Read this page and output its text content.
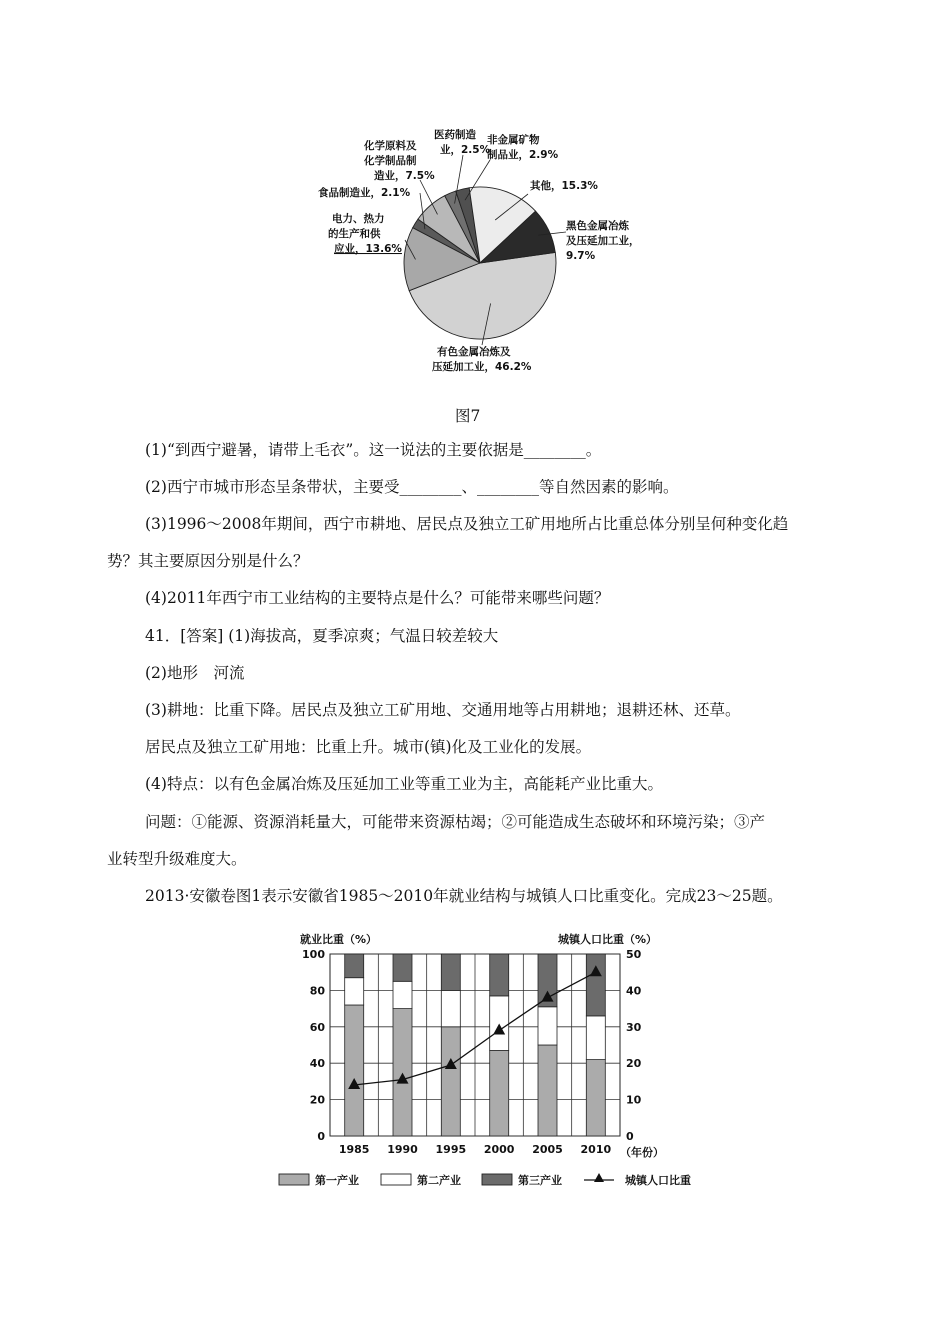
有色金属冶炼及
压延加工业，46.2%
电力、热力
的生产和供
应业，13.6%
食品制造业，2.1%
化学原料及
化学制品制
造业，7.5%
医药制造
业，2.5%
非金属矿物
制品业，2.9%
其他，15.3%
黑色金属冶炼
及压延加工业，
9.7%
图7
(1)“到西宁避暑，请带上毛衣”。这一说法的主要依据是________。
(2)西宁市城市形态呈条带状，主要受________、________等自然因素的影响。
(3)1996～2008年期间，西宁市耕地、居民点及独立工矿用地所占比重总体分别呈何种变化趋
势？其主要原因分别是什么？
(4)2011年西宁市工业结构的主要特点是什么？可能带来哪些问题？
41．[答案] (1)海拔高，夏季凉爽；气温日较差较大
(2)地形　河流
(3)耕地：比重下降。居民点及独立工矿用地、交通用地等占用耕地；退耕还林、还草。
居民点及独立工矿用地：比重上升。城市(镇)化及工业化的发展。
(4)特点：以有色金属冶炼及压延加工业等重工业为主，高能耗产业比重大。
问题：①能源、资源消耗量大，可能带来资源枯竭；②可能造成生态破坏和环境污染；③产
业转型升级难度大。
2013·安徽卷图1表示安徽省1985～2010年就业结构与城镇人口比重变化。完成23～25题。
就业比重（%）	城镇人口比重（%）
0
20
40
60
80
100
0
10
20
30
40
50
1985 1990 1995 2000 2005 2010 （年份）
第一产业	第二产业	第三产业	城镇人口比重
